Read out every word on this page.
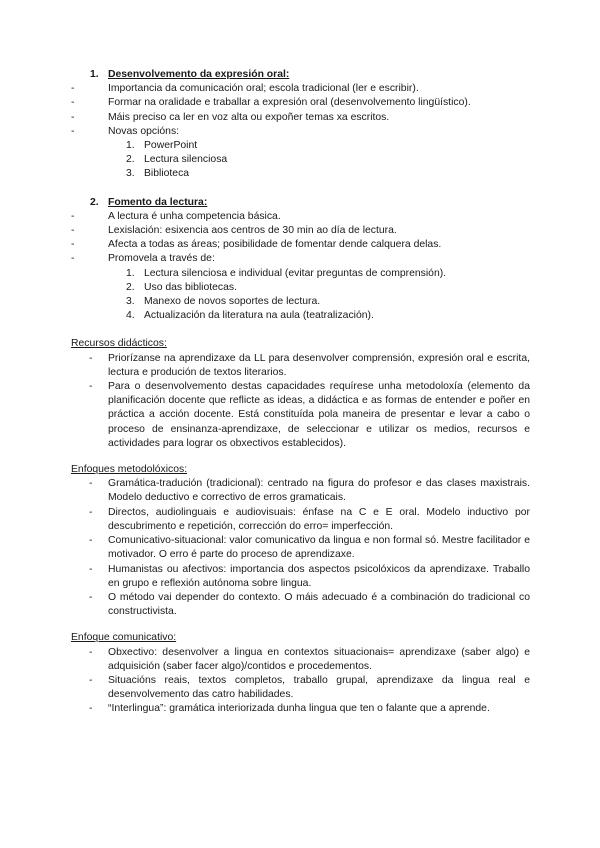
1. Desenvolvemento da expresión oral:
-	Importancia da comunicación oral; escola tradicional (ler e escribir).
-	Formar na oralidade e traballar a expresión oral (desenvolvemento lingüístico).
-	Máis preciso ca ler en voz alta ou expoñer temas xa escritos.
-	Novas opcións:
1. PowerPoint
2. Lectura silenciosa
3. Biblioteca
2. Fomento da lectura:
-	A lectura é unha competencia básica.
-	Lexislación: esixencia aos centros de 30 min ao día de lectura.
-	Afecta a todas as áreas; posibilidade de fomentar dende calquera delas.
-	Promovela a través de:
1. Lectura silenciosa e individual (evitar preguntas de comprensión).
2. Uso das bibliotecas.
3. Manexo de novos soportes de lectura.
4. Actualización da literatura na aula (teatralización).
Recursos didácticos:
-	Priorízanse na aprendizaxe da LL para desenvolver comprensión, expresión oral e escrita, lectura e produción de textos literarios.
-	Para o desenvolvemento destas capacidades requírese unha metodoloxía (elemento da planificación docente que reflicte as ideas, a didáctica e as formas de entender e poñer en práctica a acción docente. Está constituída pola maneira de presentar e levar a cabo o proceso de ensinanza-aprendizaxe, de seleccionar e utilizar os medios, recursos e actividades para lograr os obxectivos establecidos).
Enfoques metodolóxicos:
-	Gramática-tradución (tradicional): centrado na figura do profesor e das clases maxistrais. Modelo deductivo e correctivo de erros gramaticais.
-	Directos, audiolinguais e audiovisuais: énfase na C e E oral. Modelo inductivo por descubrimento e repetición, corrección do erro= imperfección.
-	Comunicativo-situacional: valor comunicativo da lingua e non formal só. Mestre facilitador e motivador. O erro é parte do proceso de aprendizaxe.
-	Humanistas ou afectivos: importancia dos aspectos psicolóxicos da aprendizaxe. Traballo en grupo e reflexión autónoma sobre lingua.
-	O método vai depender do contexto. O máis adecuado é a combinación do tradicional co constructivista.
Enfoque comunicativo:
-	Obxectivo: desenvolver a lingua en contextos situacionais= aprendizaxe (saber algo) e adquisición (saber facer algo)/contidos e procedementos.
-	Situacións reais, textos completos, traballo grupal, aprendizaxe da lingua real e desenvolvemento das catro habilidades.
-	“Interlingua”: gramática interiorizada dunha lingua que ten o falante que a aprende.
